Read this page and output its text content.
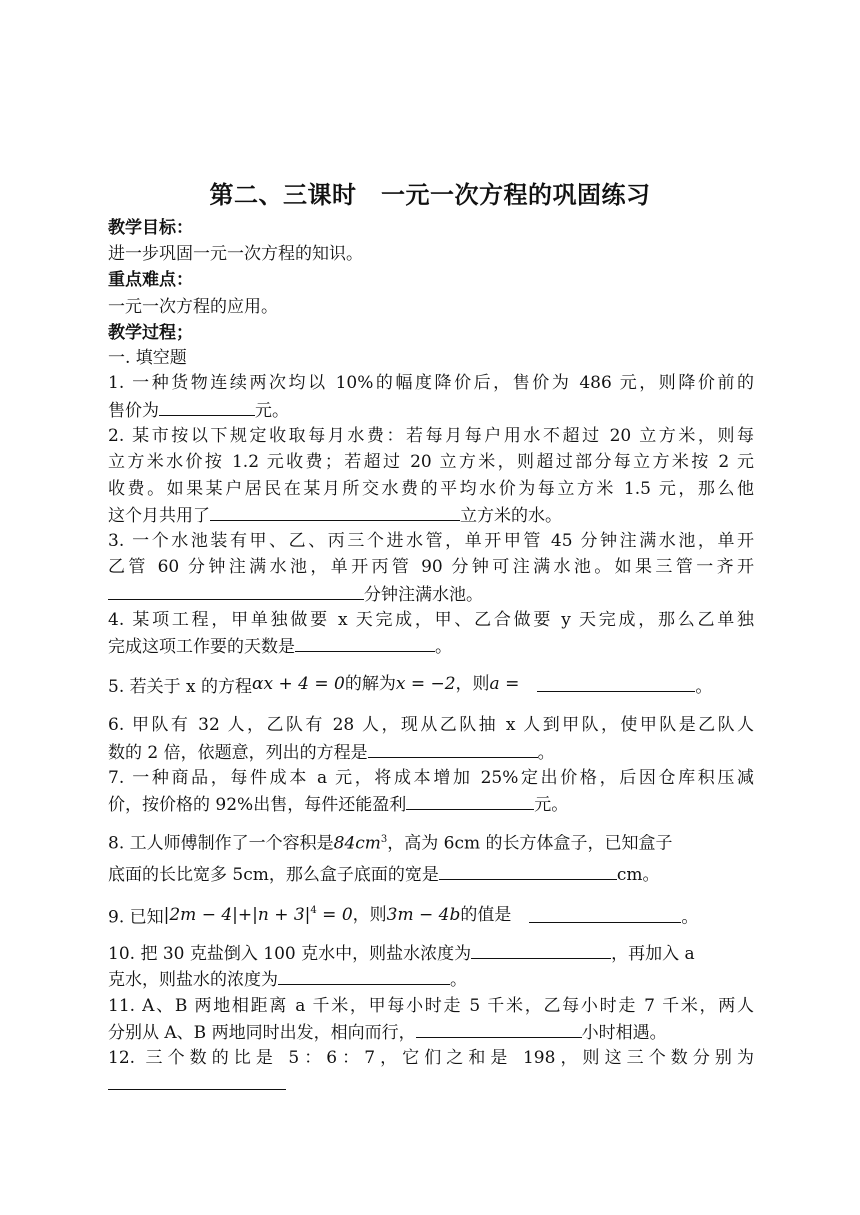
第二、三课时　一元一次方程的巩固练习
教学目标：
进一步巩固一元一次方程的知识。
重点难点：
一元一次方程的应用。
教学过程；
一. 填空题
1. 一种货物连续两次均以 10%的幅度降价后，售价为 486 元，则降价前的
售价为	元。
2. 某市按以下规定收取每月水费：若每月每户用水不超过 20 立方米，则每
立方米水价按 1.2 元收费；若超过 20 立方米，则超过部分每立方米按 2 元
收费。如果某户居民在某月所交水费的平均水价为每立方米 1.5 元，那么他
这个月共用了	立方米的水。
3. 一个水池装有甲、乙、丙三个进水管，单开甲管 45 分钟注满水池，单开
乙管 60 分钟注满水池，单开丙管 90 分钟可注满水池。如果三管一齐开
分钟注满水池。
4. 某项工程，甲单独做要 x 天完成，甲、乙合做要 y 天完成，那么乙单独
完成这项工作要的天数是	。
5. 若关于 x 的方程αx + 4 = 0的解为x = −2，则a =	。
6. 甲队有 32 人，乙队有 28 人，现从乙队抽 x 人到甲队，使甲队是乙队人
数的 2 倍，依题意，列出的方程是	。
7. 一种商品，每件成本 a 元，将成本增加 25%定出价格，后因仓库积压减
价，按价格的 92%出售，每件还能盈利	元。
8. 工人师傅制作了一个容积是$84cm^3$，高为 6cm 的长方体盒子，已知盒子
底面的长比宽多 5cm，那么盒子底面的宽是	cm。
9. 已知$|2m - 4|+|n + 3|^4 = 0$，则3m − 4b的值是	。
10. 把 30 克盐倒入 100 克水中，则盐水浓度为	，再加入 a
克水，则盐水的浓度为	。
11. A、B 两地相距离 a 千米，甲每小时走 5 千米，乙每小时走 7 千米，两人
分别从 A、B 两地同时出发，相向而行，	小时相遇。
12. 三个数的比是 5：6：7，它们之和是 198，则这三个数分别为
